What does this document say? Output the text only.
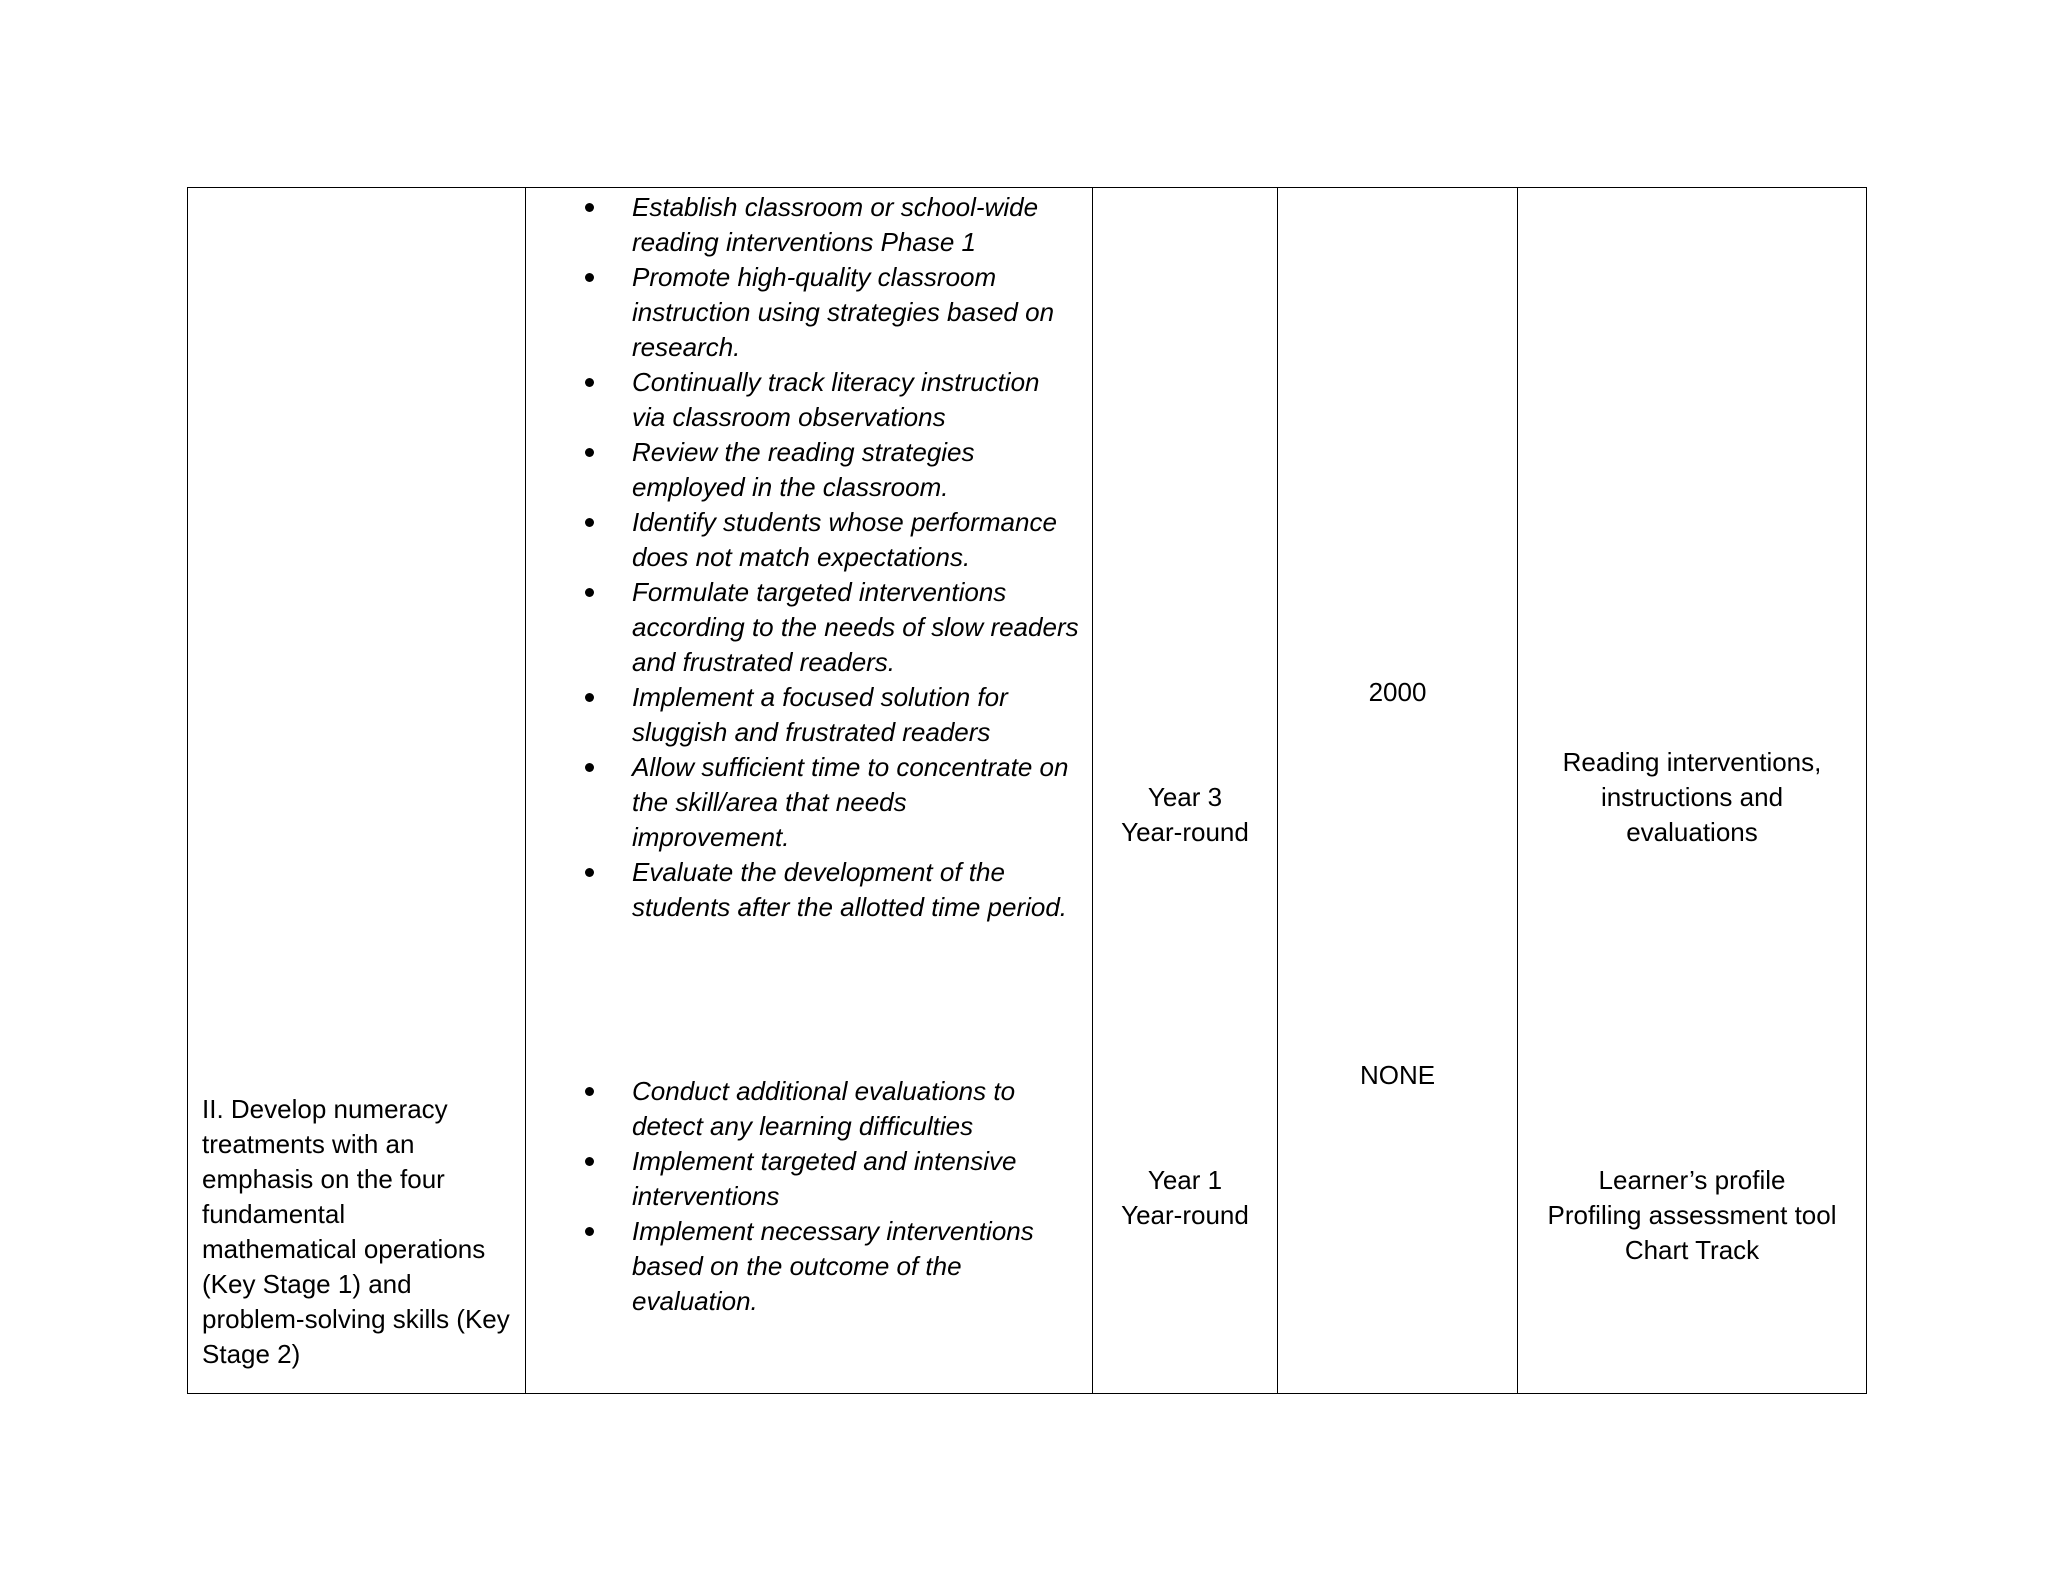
Establish classroom or school-wide
reading interventions Phase 1
Promote high-quality classroom
instruction using strategies based on
research.
Continually track literacy instruction
via classroom observations
Review the reading strategies
employed in the classroom.
Identify students whose performance
does not match expectations.
Formulate targeted interventions
according to the needs of slow readers
and frustrated readers.
Implement a focused solution for
sluggish and frustrated readers
Allow sufficient time to concentrate on
the skill/area that needs
improvement.
Evaluate the development of the
students after the allotted time period.
Year 3
Year-round
2000
Reading interventions,
instructions and
evaluations
II. Develop numeracy
treatments with an
emphasis on the four
fundamental
mathematical operations
(Key Stage 1) and
problem-solving skills (Key
Stage 2)
Conduct additional evaluations to
detect any learning difficulties
Implement targeted and intensive
interventions
Implement necessary interventions
based on the outcome of the
evaluation.
Year 1
Year-round
NONE
Learner’s profile
Profiling assessment tool
Chart Track
